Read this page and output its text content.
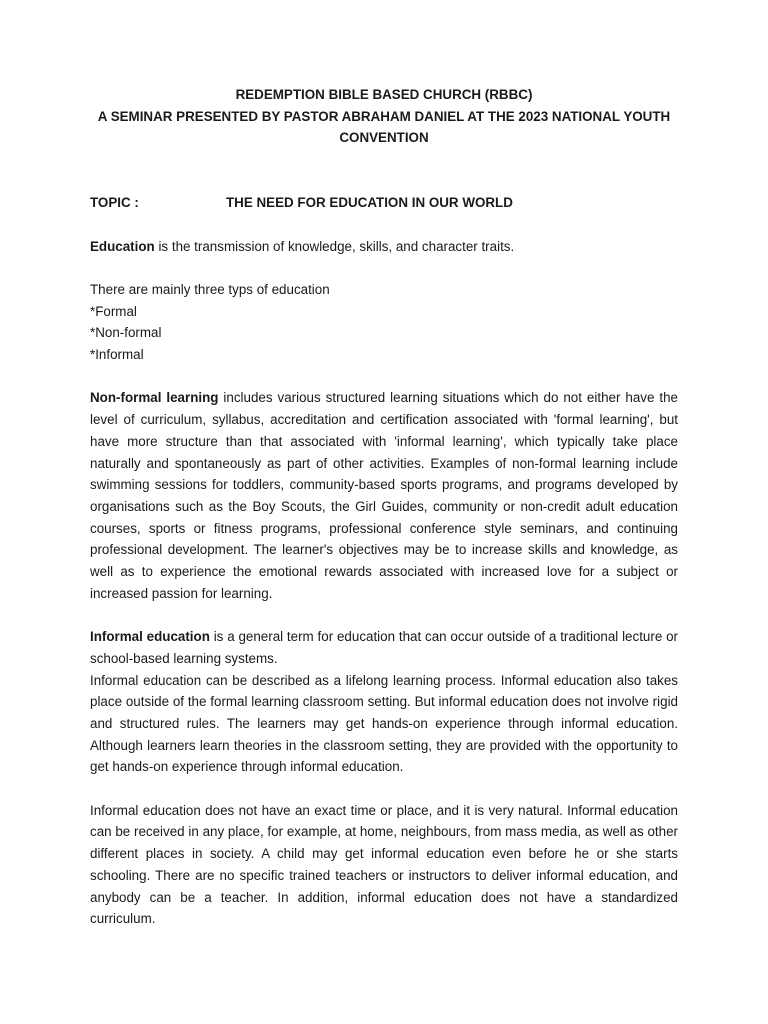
REDEMPTION BIBLE BASED CHURCH (RBBC)

A SEMINAR PRESENTED BY PASTOR ABRAHAM DANIEL AT THE 2023 NATIONAL YOUTH

CONVENTION

TOPIC :	THE NEED FOR EDUCATION IN OUR WORLD

Education is the transmission of knowledge, skills, and character traits.

There are mainly three typs of education

*Formal

*Non-formal

*Informal

Non-formal learning includes various structured learning situations which do not either have the level of curriculum, syllabus, accreditation and certification associated with 'formal learning', but have more structure than that associated with 'informal learning', which typically take place naturally and spontaneously as part of other activities. Examples of non-formal learning include swimming sessions for toddlers, community-based sports programs, and programs developed by organisations such as the Boy Scouts, the Girl Guides, community or non-credit adult education courses, sports or fitness programs, professional conference style seminars, and continuing professional development. The learner's objectives may be to increase skills and knowledge, as well as to experience the emotional rewards associated with increased love for a subject or increased passion for learning.

Informal education is a general term for education that can occur outside of a traditional lecture or school-based learning systems.

Informal education can be described as a lifelong learning process. Informal education also takes place outside of the formal learning classroom setting. But informal education does not involve rigid and structured rules. The learners may get hands-on experience through informal education. Although learners learn theories in the classroom setting, they are provided with the opportunity to get hands-on experience through informal education.

Informal education does not have an exact time or place, and it is very natural. Informal education can be received in any place, for example, at home, neighbours, from mass media, as well as other different places in society. A child may get informal education even before he or she starts schooling. There are no specific trained teachers or instructors to deliver informal education, and anybody can be a teacher. In addition, informal education does not have a standardized curriculum.
